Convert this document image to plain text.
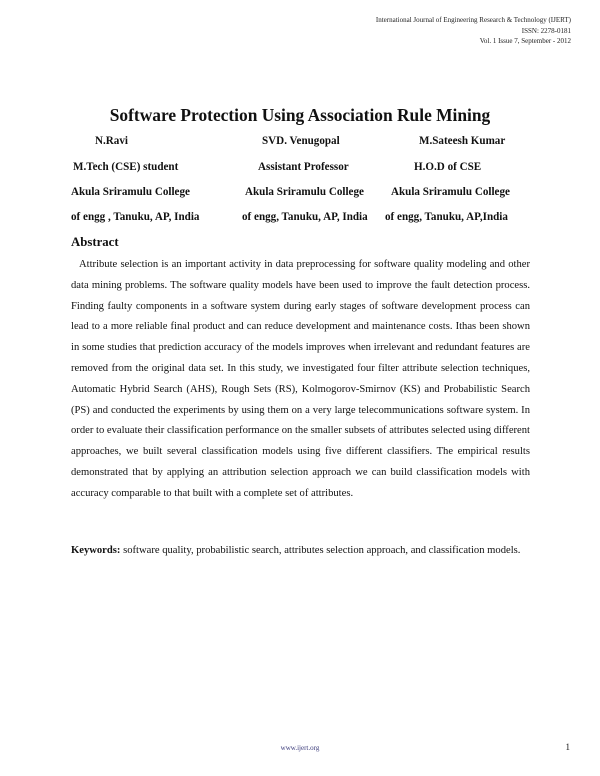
International Journal of Engineering Research & Technology (IJERT)
ISSN: 2278-0181
Vol. 1 Issue 7, September - 2012
Software Protection Using Association Rule Mining
N.Ravi
M.Tech (CSE) student
Akula Sriramulu College
of engg , Tanuku, AP, India
SVD. Venugopal
Assistant Professor
Akula Sriramulu College
of engg, Tanuku, AP, India
M.Sateesh Kumar
H.O.D of CSE
Akula Sriramulu College
of engg, Tanuku, AP,India
Abstract
Attribute selection is an important activity in data preprocessing for software quality modeling and other data mining problems. The software quality models have been used to improve the fault detection process. Finding faulty components in a software system during early stages of software development process can lead to a more reliable final product and can reduce development and maintenance costs. Ithas been shown in some studies that prediction accuracy of the models improves when irrelevant and redundant features are removed from the original data set. In this study, we investigated four filter attribute selection techniques, Automatic Hybrid Search (AHS), Rough Sets (RS), Kolmogorov-Smirnov (KS) and Probabilistic Search (PS) and conducted the experiments by using them on a very large telecommunications software system. In order to evaluate their classification performance on the smaller subsets of attributes selected using different approaches, we built several classification models using five different classifiers. The empirical results demonstrated that by applying an attribution selection approach we can build classification models with accuracy comparable to that built with a complete set of attributes.
Keywords: software quality, probabilistic search, attributes selection approach, and classification models.
www.ijert.org	1
